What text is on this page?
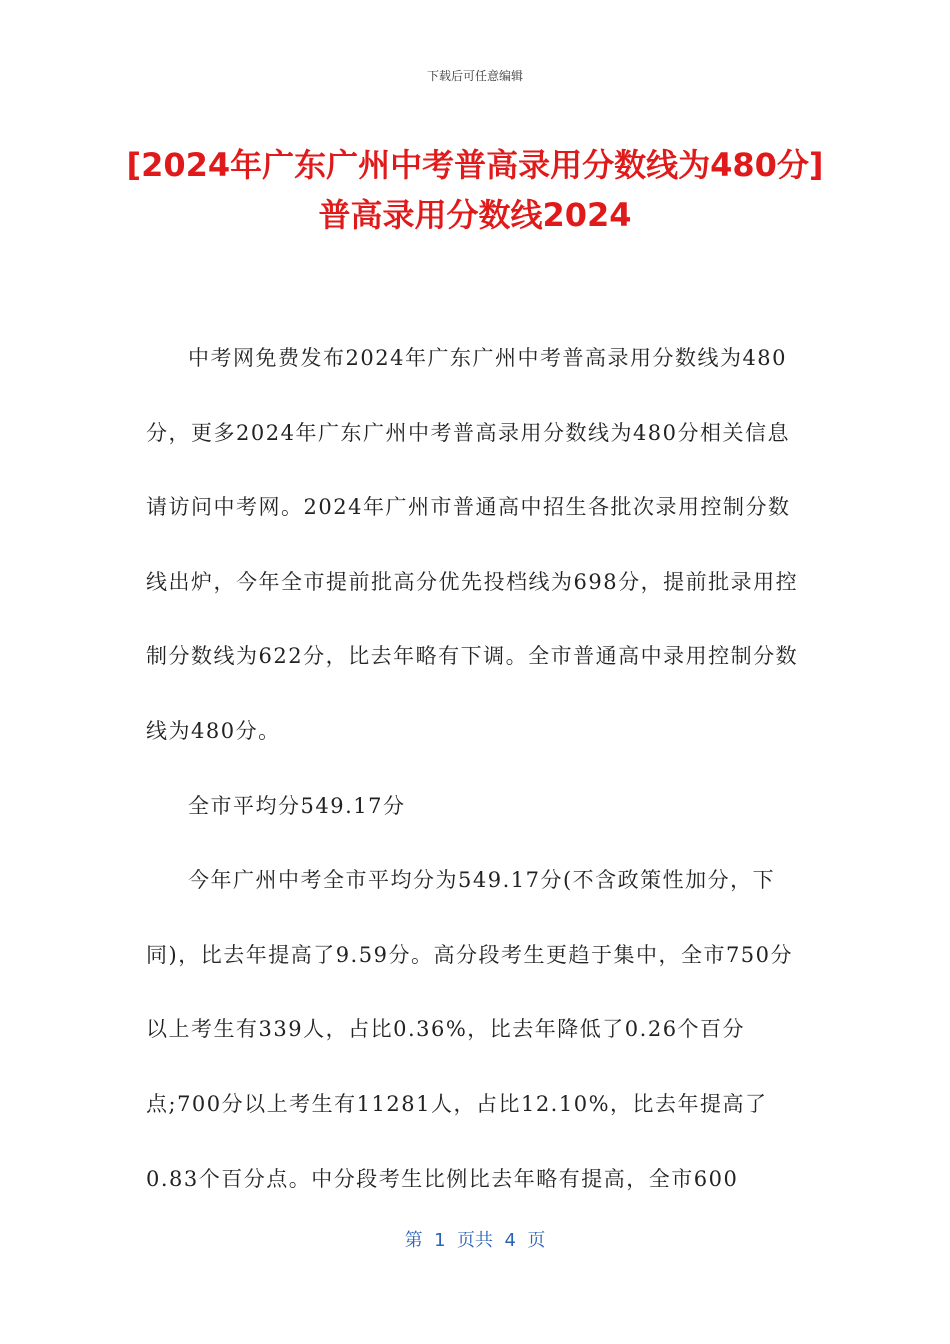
下载后可任意编辑
[2024年广东广州中考普高录用分数线为480分]普高录用分数线2024

中考网免费发布2024年广东广州中考普高录用分数线为480分，更多2024年广东广州中考普高录用分数线为480分相关信息请访问中考网。2024年广州市普通高中招生各批次录用控制分数线出炉，今年全市提前批高分优先投档线为698分，提前批录用控制分数线为622分，比去年略有下调。全市普通高中录用控制分数线为480分。

全市平均分549.17分

今年广州中考全市平均分为549.17分(不含政策性加分，下同)，比去年提高了9.59分。高分段考生更趋于集中，全市750分以上考生有339人，占比0.36%，比去年降低了0.26个百分点;700分以上考生有11281人，占比12.10%，比去年提高了0.83个百分点。中分段考生比例比去年略有提高，全市600

第  1  页共  4  页
